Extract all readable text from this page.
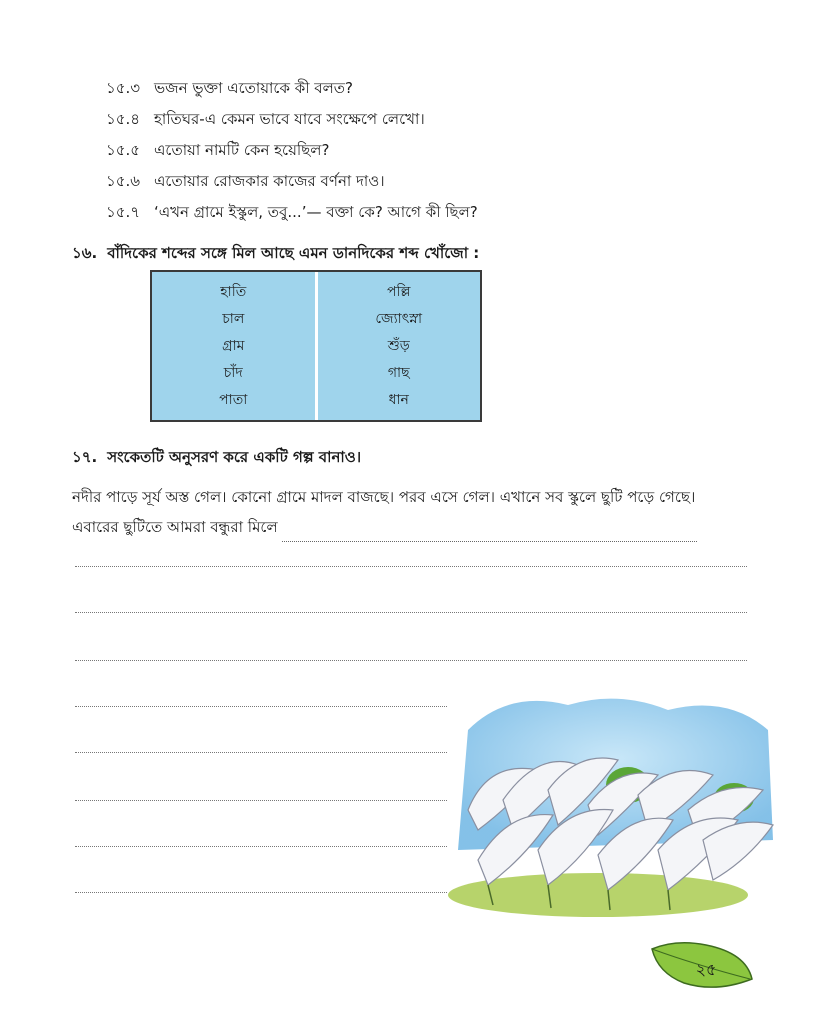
১৫.৩ ভজন ভুক্তা এতোয়াকে কী বলত?
১৫.৪ হাতিঘর-এ কেমন ভাবে যাবে সংক্ষেপে লেখো।
১৫.৫ এতোয়া নামটি কেন হয়েছিল?
১৫.৬ এতোয়ার রোজকার কাজের বর্ণনা দাও।
১৫.৭ ‘এখন গ্রামে ইস্কুল, তবু...’— বক্তা কে? আগে কী ছিল?
১৬. বাঁদিকের শব্দের সঙ্গে মিল আছে এমন ডানদিকের শব্দ খোঁজো :
হাতি
চাল
গ্রাম
চাঁদ
পাতা
পল্লি
জ্যোৎস্না
শুঁড়
গাছ
ধান
১৭. সংকেতটি অনুসরণ করে একটি গল্প বানাও।
নদীর পাড়ে সূর্য অস্ত গেল। কোনো গ্রামে মাদল বাজছে। পরব এসে গেল। এখানে সব স্কুলে ছুটি পড়ে গেছে।
এবারের ছুটিতে আমরা বন্ধুরা মিলে
২৫
